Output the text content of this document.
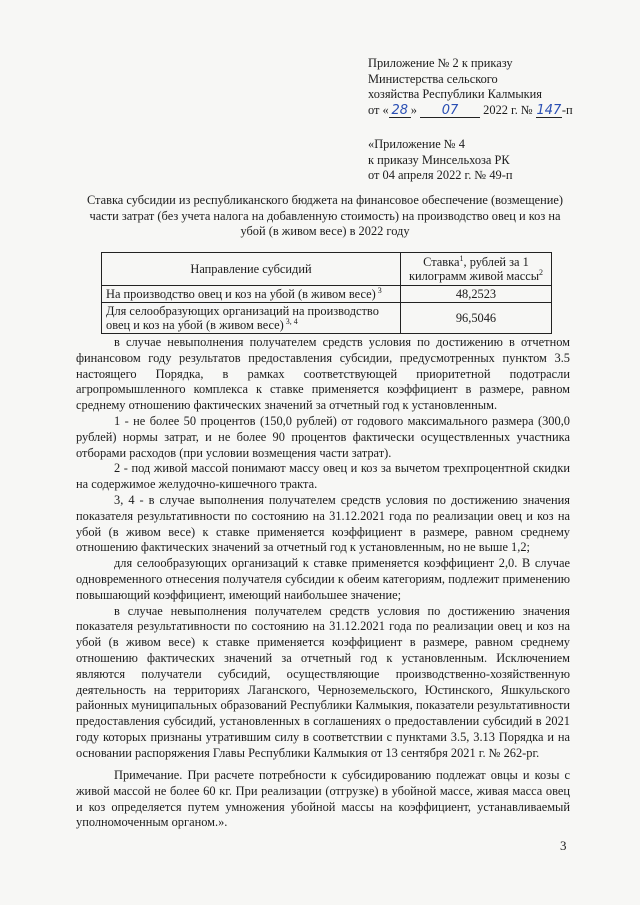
Приложение № 2 к приказу
Министерства сельского
хозяйства Республики Калмыкия
от « 28 » 07 2022 г. № 147-п
«Приложение № 4
к приказу Минсельхоза РК
от 04 апреля 2022 г. № 49-п
Ставка субсидии из республиканского бюджета на финансовое обеспечение (возмещение) части затрат (без учета налога на добавленную стоимость) на производство овец и коз на убой (в живом весе) в 2022 году
Направление субсидий	Ставка$^1$, рублей за 1 килограмм живой массы$^2$
На производство овец и коз на убой (в живом весе) $^3$	48,2523
Для селообразующих организаций на производство овец и коз на убой (в живом весе) $^{3, 4}$	96,5046

в случае невыполнения получателем средств условия по достижению в отчетном финансовом году результатов предоставления субсидии, предусмотренных пунктом 3.5 настоящего Порядка, в рамках соответствующей приоритетной подотрасли агропромышленного комплекса к ставке применяется коэффициент в размере, равном среднему отношению фактических значений за отчетный год к установленным.

1 - не более 50 процентов (150,0 рублей) от годового максимального размера (300,0 рублей) нормы затрат, и не более 90 процентов фактически осуществленных участника отборами расходов (при условии возмещения части затрат).

2 - под живой массой понимают массу овец и коз за вычетом трехпроцентной скидки на содержимое желудочно-кишечного тракта.

3, 4 - в случае выполнения получателем средств условия по достижению значения показателя результативности по состоянию на 31.12.2021 года по реализации овец и коз на убой (в живом весе) к ставке применяется коэффициент в размере, равном среднему отношению фактических значений за отчетный год к установленным, но не выше 1,2;

для селообразующих организаций к ставке применяется коэффициент 2,0. В случае одновременного отнесения получателя субсидии к обеим категориям, подлежит применению повышающий коэффициент, имеющий наибольшее значение;

в случае невыполнения получателем средств условия по достижению значения показателя результативности по состоянию на 31.12.2021 года по реализации овец и коз на убой (в живом весе) к ставке применяется коэффициент в размере, равном среднему отношению фактических значений за отчетный год к установленным. Исключением являются получатели субсидий, осуществляющие производственно-хозяйственную деятельность на территориях Лаганского, Черноземельского, Юстинского, Яшкульского районных муниципальных образований Республики Калмыкия, показатели результативности предоставления субсидий, установленных в соглашениях о предоставлении субсидий в 2021 году которых признаны утратившим силу в соответствии с пунктами 3.5, 3.13 Порядка и на основании распоряжения Главы Республики Калмыкия от 13 сентября 2021 г. № 262-рг.

Примечание. При расчете потребности к субсидированию подлежат овцы и козы с живой массой не более 60 кг. При реализации (отгрузке) в убойной массе, живая масса овец и коз определяется путем умножения убойной массы на коэффициент, устанавливаемый уполномоченным органом.».

3
